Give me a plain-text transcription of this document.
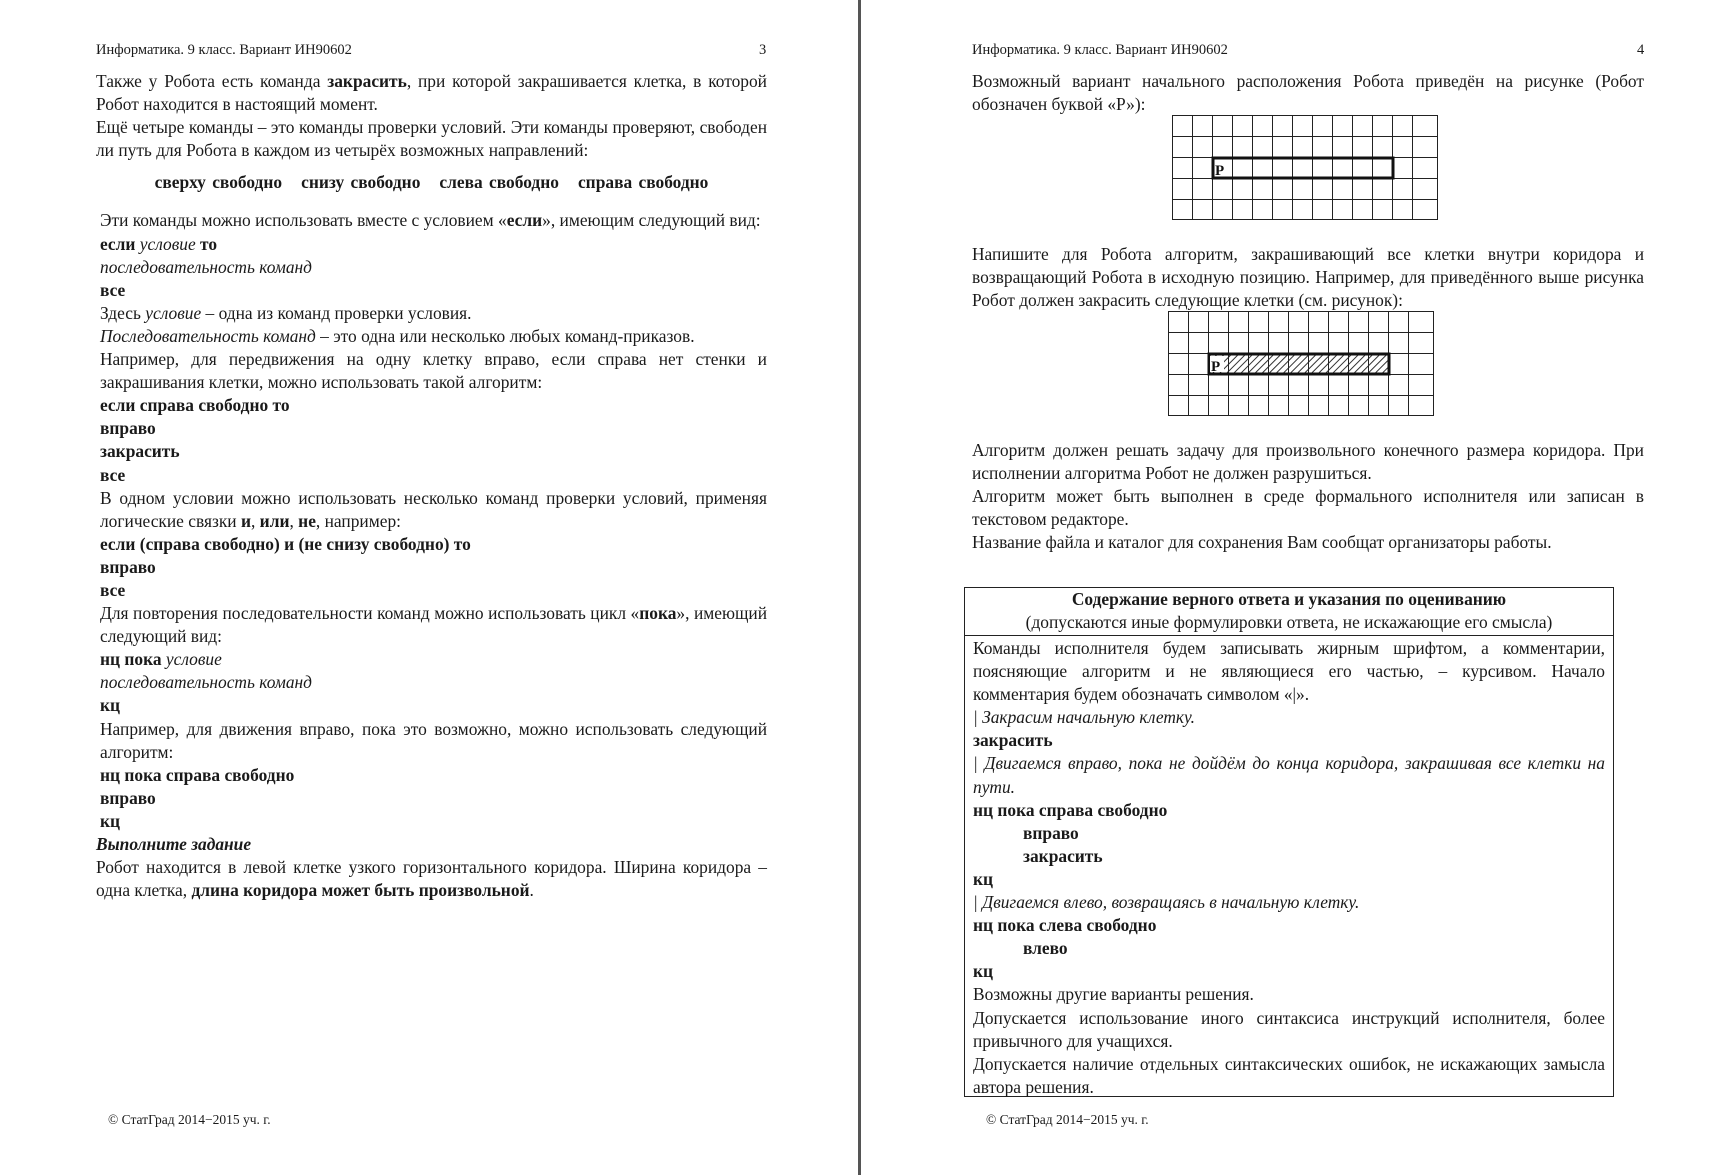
Информатика. 9 класс. Вариант ИН90602	3

Также у Робота есть команда закрасить, при которой закрашивается клетка, в которой Робот находится в настоящий момент.

Ещё четыре команды – это команды проверки условий. Эти команды проверяют, свободен ли путь для Робота в каждом из четырёх возможных направлений:

сверху свободно   снизу свободно   слева свободно   справа свободно

Эти команды можно использовать вместе с условием «если», имеющим следующий вид:

если условие то

последовательность команд

все

Здесь условие – одна из команд проверки условия.

Последовательность команд – это одна или несколько любых команд-приказов.

Например, для передвижения на одну клетку вправо, если справа нет стенки и закрашивания клетки, можно использовать такой алгоритм:

если справа свободно то

вправо

закрасить

все

В одном условии можно использовать несколько команд проверки условий, применяя логические связки и, или, не, например:

если (справа свободно) и (не снизу свободно) то

вправо

все

Для повторения последовательности команд можно использовать цикл «пока», имеющий следующий вид:

нц пока условие

последовательность команд

кц

Например, для движения вправо, пока это возможно, можно использовать следующий алгоритм:

нц пока справа свободно

вправо

кц

Выполните задание

Робот находится в левой клетке узкого горизонтального коридора. Ширина коридора – одна клетка, длина коридора может быть произвольной.

© СтатГрад 2014−2015 уч. г.
Информатика. 9 класс. Вариант ИН90602	4

Возможный вариант начального расположения Робота приведён на рисунке (Робот обозначен буквой «Р»):

Р

Напишите для Робота алгоритм, закрашивающий все клетки внутри коридора и возвращающий Робота в исходную позицию. Например, для приведённого выше рисунка Робот должен закрасить следующие клетки (см. рисунок):

Р

Алгоритм должен решать задачу для произвольного конечного размера коридора. При исполнении алгоритма Робот не должен разрушиться.

Алгоритм может быть выполнен в среде формального исполнителя или записан в текстовом редакторе.

Название файла и каталог для сохранения Вам сообщат организаторы работы.

© СтатГрад 2014−2015 уч. г.

Содержание верного ответа и указания по оцениванию

(допускаются иные формулировки ответа, не искажающие его смысла)

Команды исполнителя будем записывать жирным шрифтом, а комментарии, поясняющие алгоритм и не являющиеся его частью, – курсивом. Начало комментария будем обозначать символом «|».

| Закрасим начальную клетку.

закрасить

| Двигаемся вправо, пока не дойдём до конца коридора, закрашивая все клетки на пути.

нц пока справа свободно

вправо

закрасить

кц

| Двигаемся влево, возвращаясь в начальную клетку.

нц пока слева свободно

влево

кц

Возможны другие варианты решения.

Допускается использование иного синтаксиса инструкций исполнителя, более привычного для учащихся.

Допускается наличие отдельных синтаксических ошибок, не искажающих замысла автора решения.
